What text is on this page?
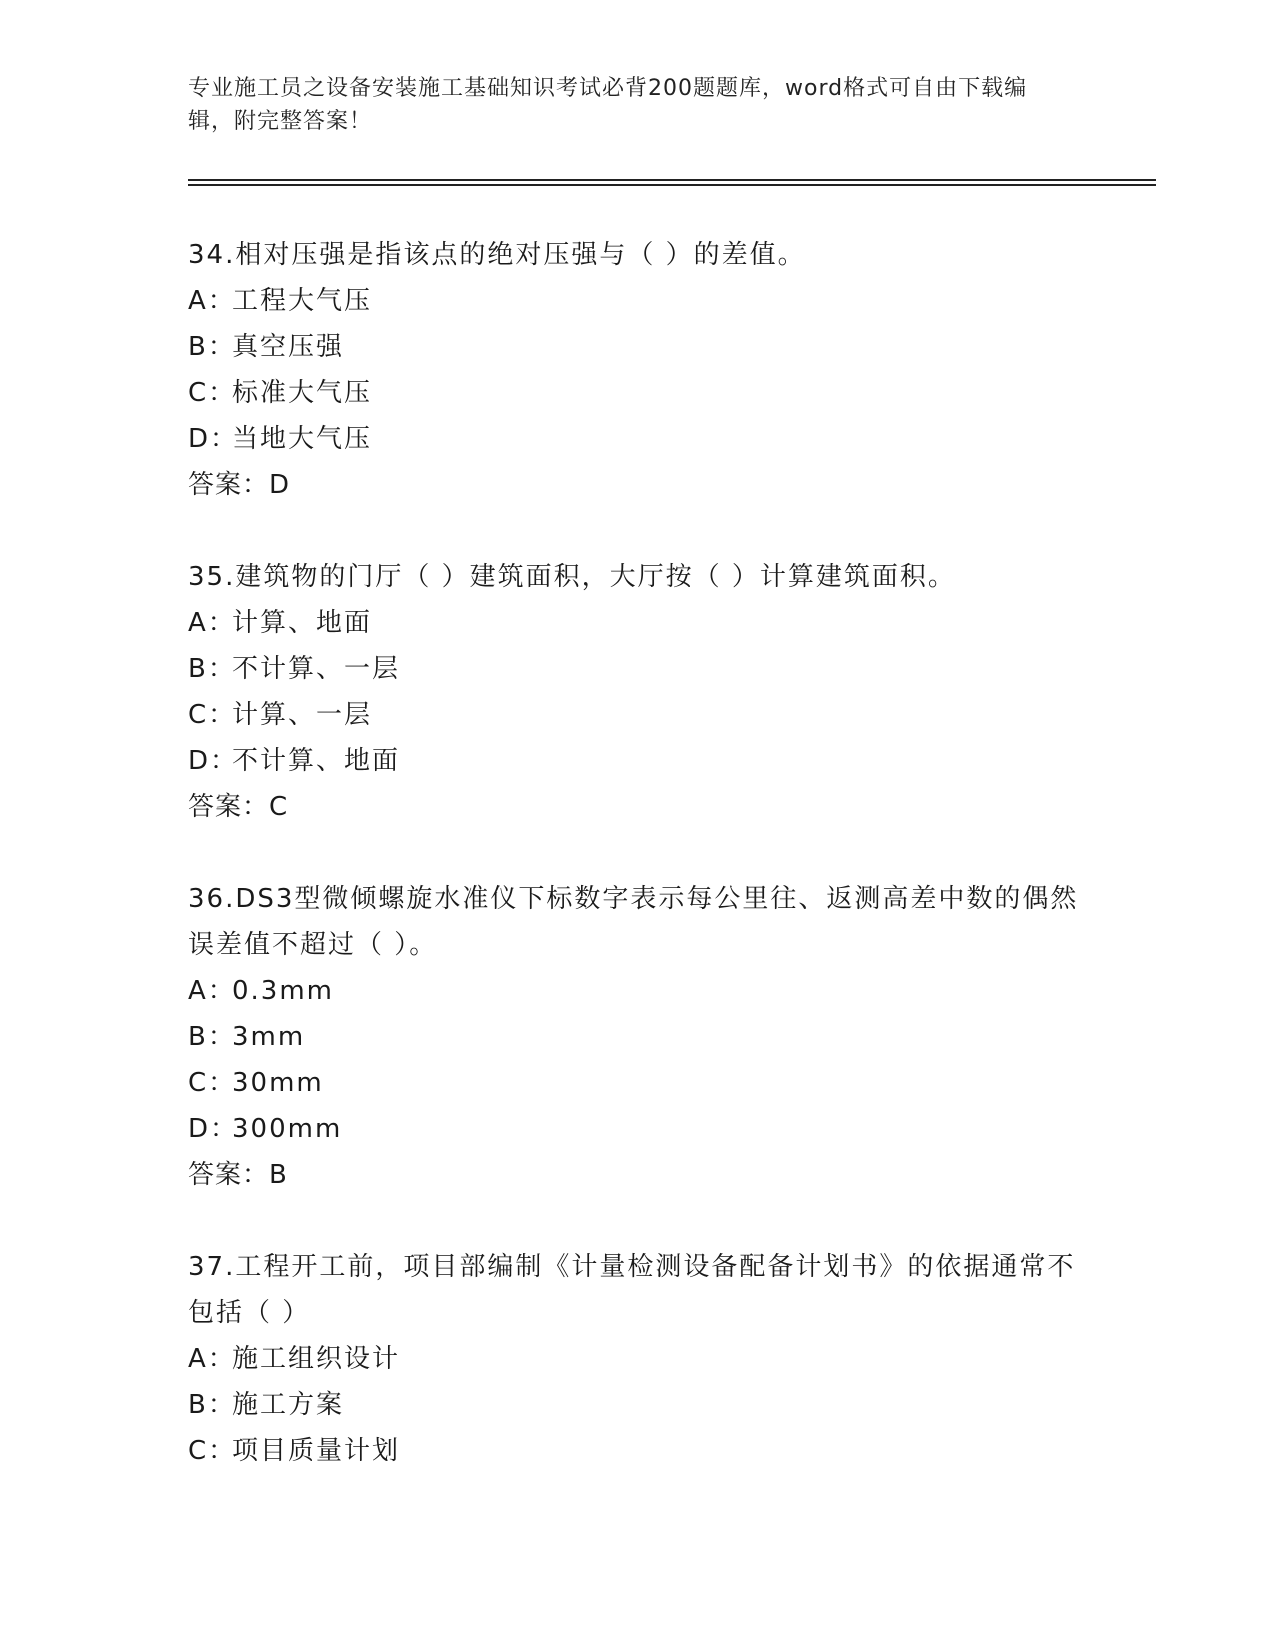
专业施工员之设备安装施工基础知识考试必背200题题库，word格式可自由下载编辑，附完整答案！

34.相对压强是指该点的绝对压强与（ ）的差值。

A：工程大气压

B：真空压强

C：标准大气压

D：当地大气压

答案：D

35.建筑物的门厅（ ）建筑面积，大厅按（ ）计算建筑面积。

A：计算、地面

B：不计算、一层

C：计算、一层

D：不计算、地面

答案：C

36.DS3型微倾螺旋水准仪下标数字表示每公里往、返测高差中数的偶然误差值不超过（ ）。

A：0.3mm

B：3mm

C：30mm

D：300mm

答案：B

37.工程开工前，项目部编制《计量检测设备配备计划书》的依据通常不包括（ ）

A：施工组织设计

B：施工方案

C：项目质量计划
